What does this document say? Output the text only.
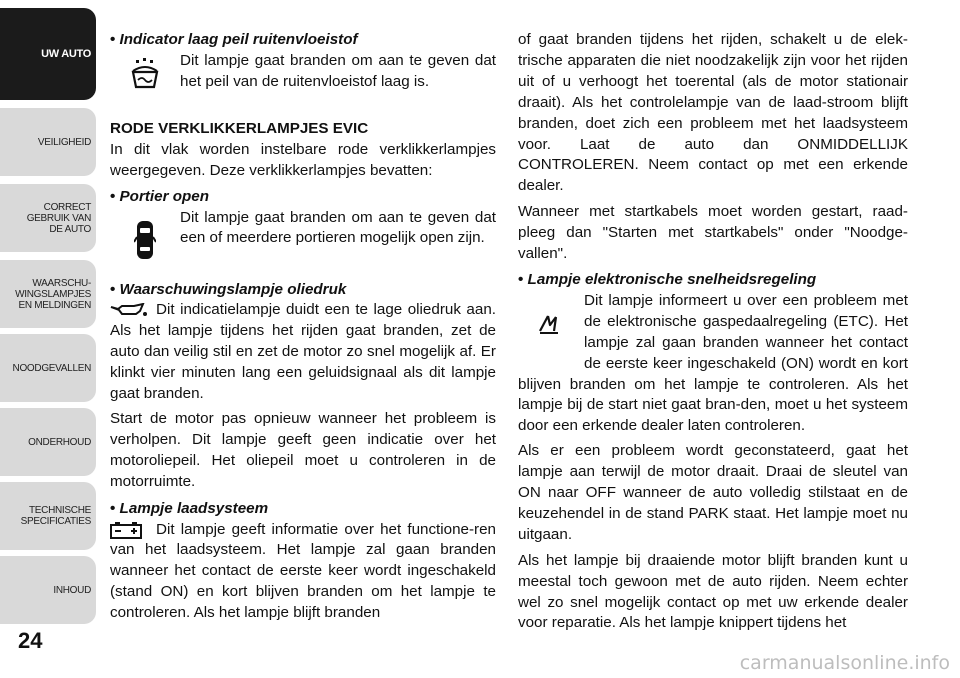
UW AUTO
VEILIGHEID
CORRECT
GEBRUIK VAN
DE AUTO
WAARSCHU-
WINGSLAMPJES
EN MELDINGEN
NOODGEVALLEN
ONDERHOUD
TECHNISCHE
SPECIFICATIES
INHOUD
24
• Indicator laag peil ruitenvloeistof
Dit lampje gaat branden om aan te geven dat het peil van de ruitenvloeistof laag is.

RODE VERKLIKKERLAMPJES EVIC

In dit vlak worden instelbare rode verklikkerlampjes weergegeven. Deze verklikkerlampjes bevatten:

• Portier open
Dit lampje gaat branden om aan te geven dat een of meerdere portieren mogelijk open zijn.
• Waarschuwingslampje oliedruk
Dit indicatielampje duidt een te lage oliedruk aan. Als het lampje tijdens het rijden gaat branden, zet de auto dan veilig stil en zet de motor zo snel mogelijk af. Er klinkt vier minuten lang een geluidsignaal als dit lampje gaat branden.

Start de motor pas opnieuw wanneer het probleem is verholpen. Dit lampje geeft geen indicatie over het motoroliepeil. Het oliepeil moet u controleren in de motorruimte.

• Lampje laadsysteem
Dit lampje geeft informatie over het functione-ren van het laadsysteem. Het lampje zal gaan branden wanneer het contact de eerste keer wordt ingeschakeld (stand ON) en kort blijven branden om het lampje te controleren. Als het lampje blijft branden

of gaat branden tijdens het rijden, schakelt u de elek-trische apparaten die niet noodzakelijk zijn voor het rijden uit of u verhoogt het toerental (als de motor stationair draait). Als het controlelampje van de laad-stroom blijft branden, doet zich een probleem met het laadsysteem voor. Laat de auto dan ONMIDDELLIJK CONTROLEREN. Neem contact op met een erkende dealer.

Wanneer met startkabels moet worden gestart, raad-pleeg dan "Starten met startkabels" onder "Noodge-vallen".

• Lampje elektronische snelheidsregeling
Dit lampje informeert u over een probleem met de elektronische gaspedaalregeling (ETC). Het lampje zal gaan branden wanneer het contact de eerste keer ingeschakeld (ON) wordt en kort blijven branden om het lampje te controleren. Als het lampje bij de start niet gaat bran-den, moet u het systeem door een erkende dealer laten controleren.

Als er een probleem wordt geconstateerd, gaat het lampje aan terwijl de motor draait. Draai de sleutel van ON naar OFF wanneer de auto volledig stilstaat en de keuzehendel in de stand PARK staat. Het lampje moet nu uitgaan.

Als het lampje bij draaiende motor blijft branden kunt u meestal toch gewoon met de auto rijden. Neem echter wel zo snel mogelijk contact op met uw erkende dealer voor reparatie. Als het lampje knippert tijdens het

carmanualsonline.info
